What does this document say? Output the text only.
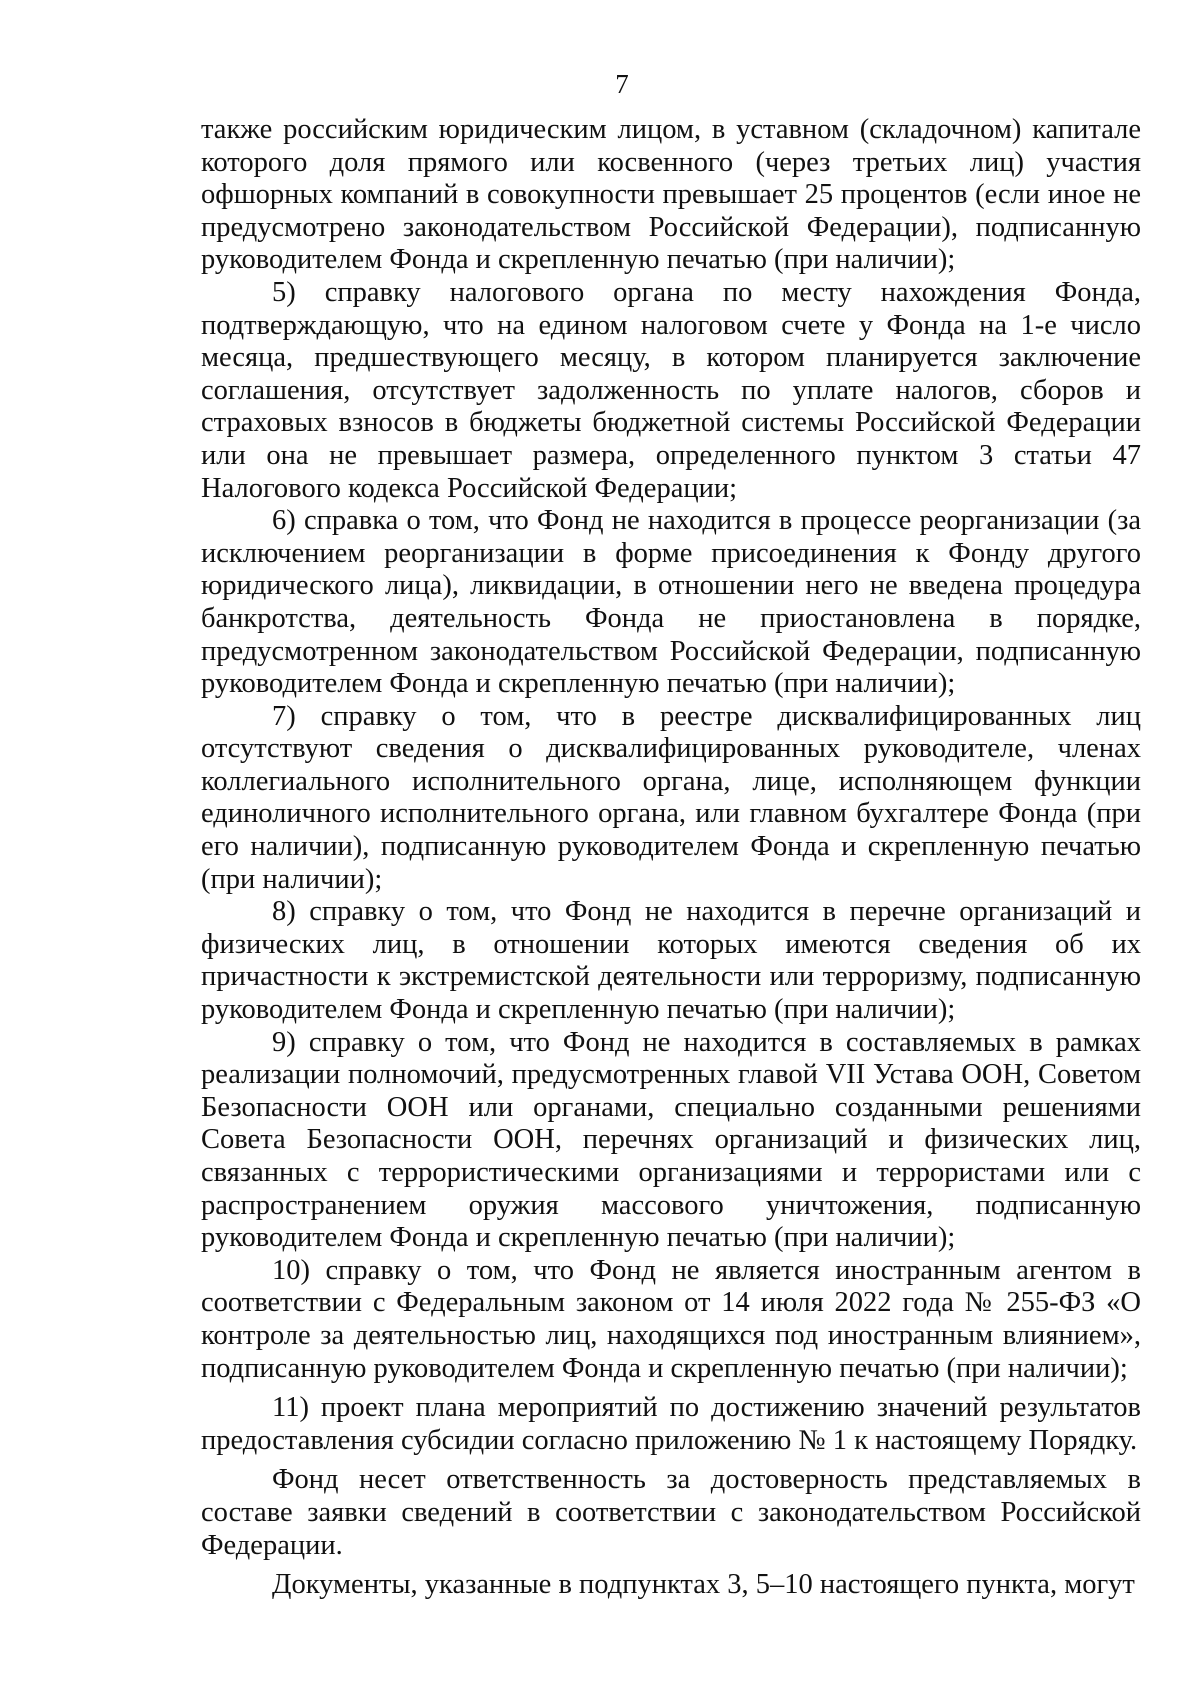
7

также российским юридическим лицом, в уставном (складочном) капитале которого доля прямого или косвенного (через третьих лиц) участия офшорных компаний в совокупности превышает 25 процентов (если иное не предусмотрено законодательством Российской Федерации), подписанную руководителем Фонда и скрепленную печатью (при наличии);

5) справку налогового органа по месту нахождения Фонда, подтверждающую, что на едином налоговом счете у Фонда на 1-е число месяца, предшествующего месяцу, в котором планируется заключение соглашения, отсутствует задолженность по уплате налогов, сборов и страховых взносов в бюджеты бюджетной системы Российской Федерации или она не превышает размера, определенного пунктом 3 статьи 47 Налогового кодекса Российской Федерации;

6) справка о том, что Фонд не находится в процессе реорганизации (за исключением реорганизации в форме присоединения к Фонду другого юридического лица), ликвидации, в отношении него не введена процедура банкротства, деятельность Фонда не приостановлена в порядке, предусмотренном законодательством Российской Федерации, подписанную руководителем Фонда и скрепленную печатью (при наличии);

7) справку о том, что в реестре дисквалифицированных лиц отсутствуют сведения о дисквалифицированных руководителе, членах коллегиального исполнительного органа, лице, исполняющем функции единоличного исполнительного органа, или главном бухгалтере Фонда (при его наличии), подписанную руководителем Фонда и скрепленную печатью (при наличии);

8) справку о том, что Фонд не находится в перечне организаций и физических лиц, в отношении которых имеются сведения об их причастности к экстремистской деятельности или терроризму, подписанную руководителем Фонда и скрепленную печатью (при наличии);

9) справку о том, что Фонд не находится в составляемых в рамках реализации полномочий, предусмотренных главой VII Устава ООН, Советом Безопасности ООН или органами, специально созданными решениями Совета Безопасности ООН, перечнях организаций и физических лиц, связанных с террористическими организациями и террористами или с распространением оружия массового уничтожения, подписанную руководителем Фонда и скрепленную печатью (при наличии);

10) справку о том, что Фонд не является иностранным агентом в соответствии с Федеральным законом от 14 июля 2022 года № 255-ФЗ «О контроле за деятельностью лиц, находящихся под иностранным влиянием», подписанную руководителем Фонда и скрепленную печатью (при наличии);

11) проект плана мероприятий по достижению значений результатов предоставления субсидии согласно приложению № 1 к настоящему Порядку.

Фонд несет ответственность за достоверность представляемых в составе заявки сведений в соответствии с законодательством Российской Федерации.

Документы, указанные в подпунктах 3, 5–10 настоящего пункта, могут
